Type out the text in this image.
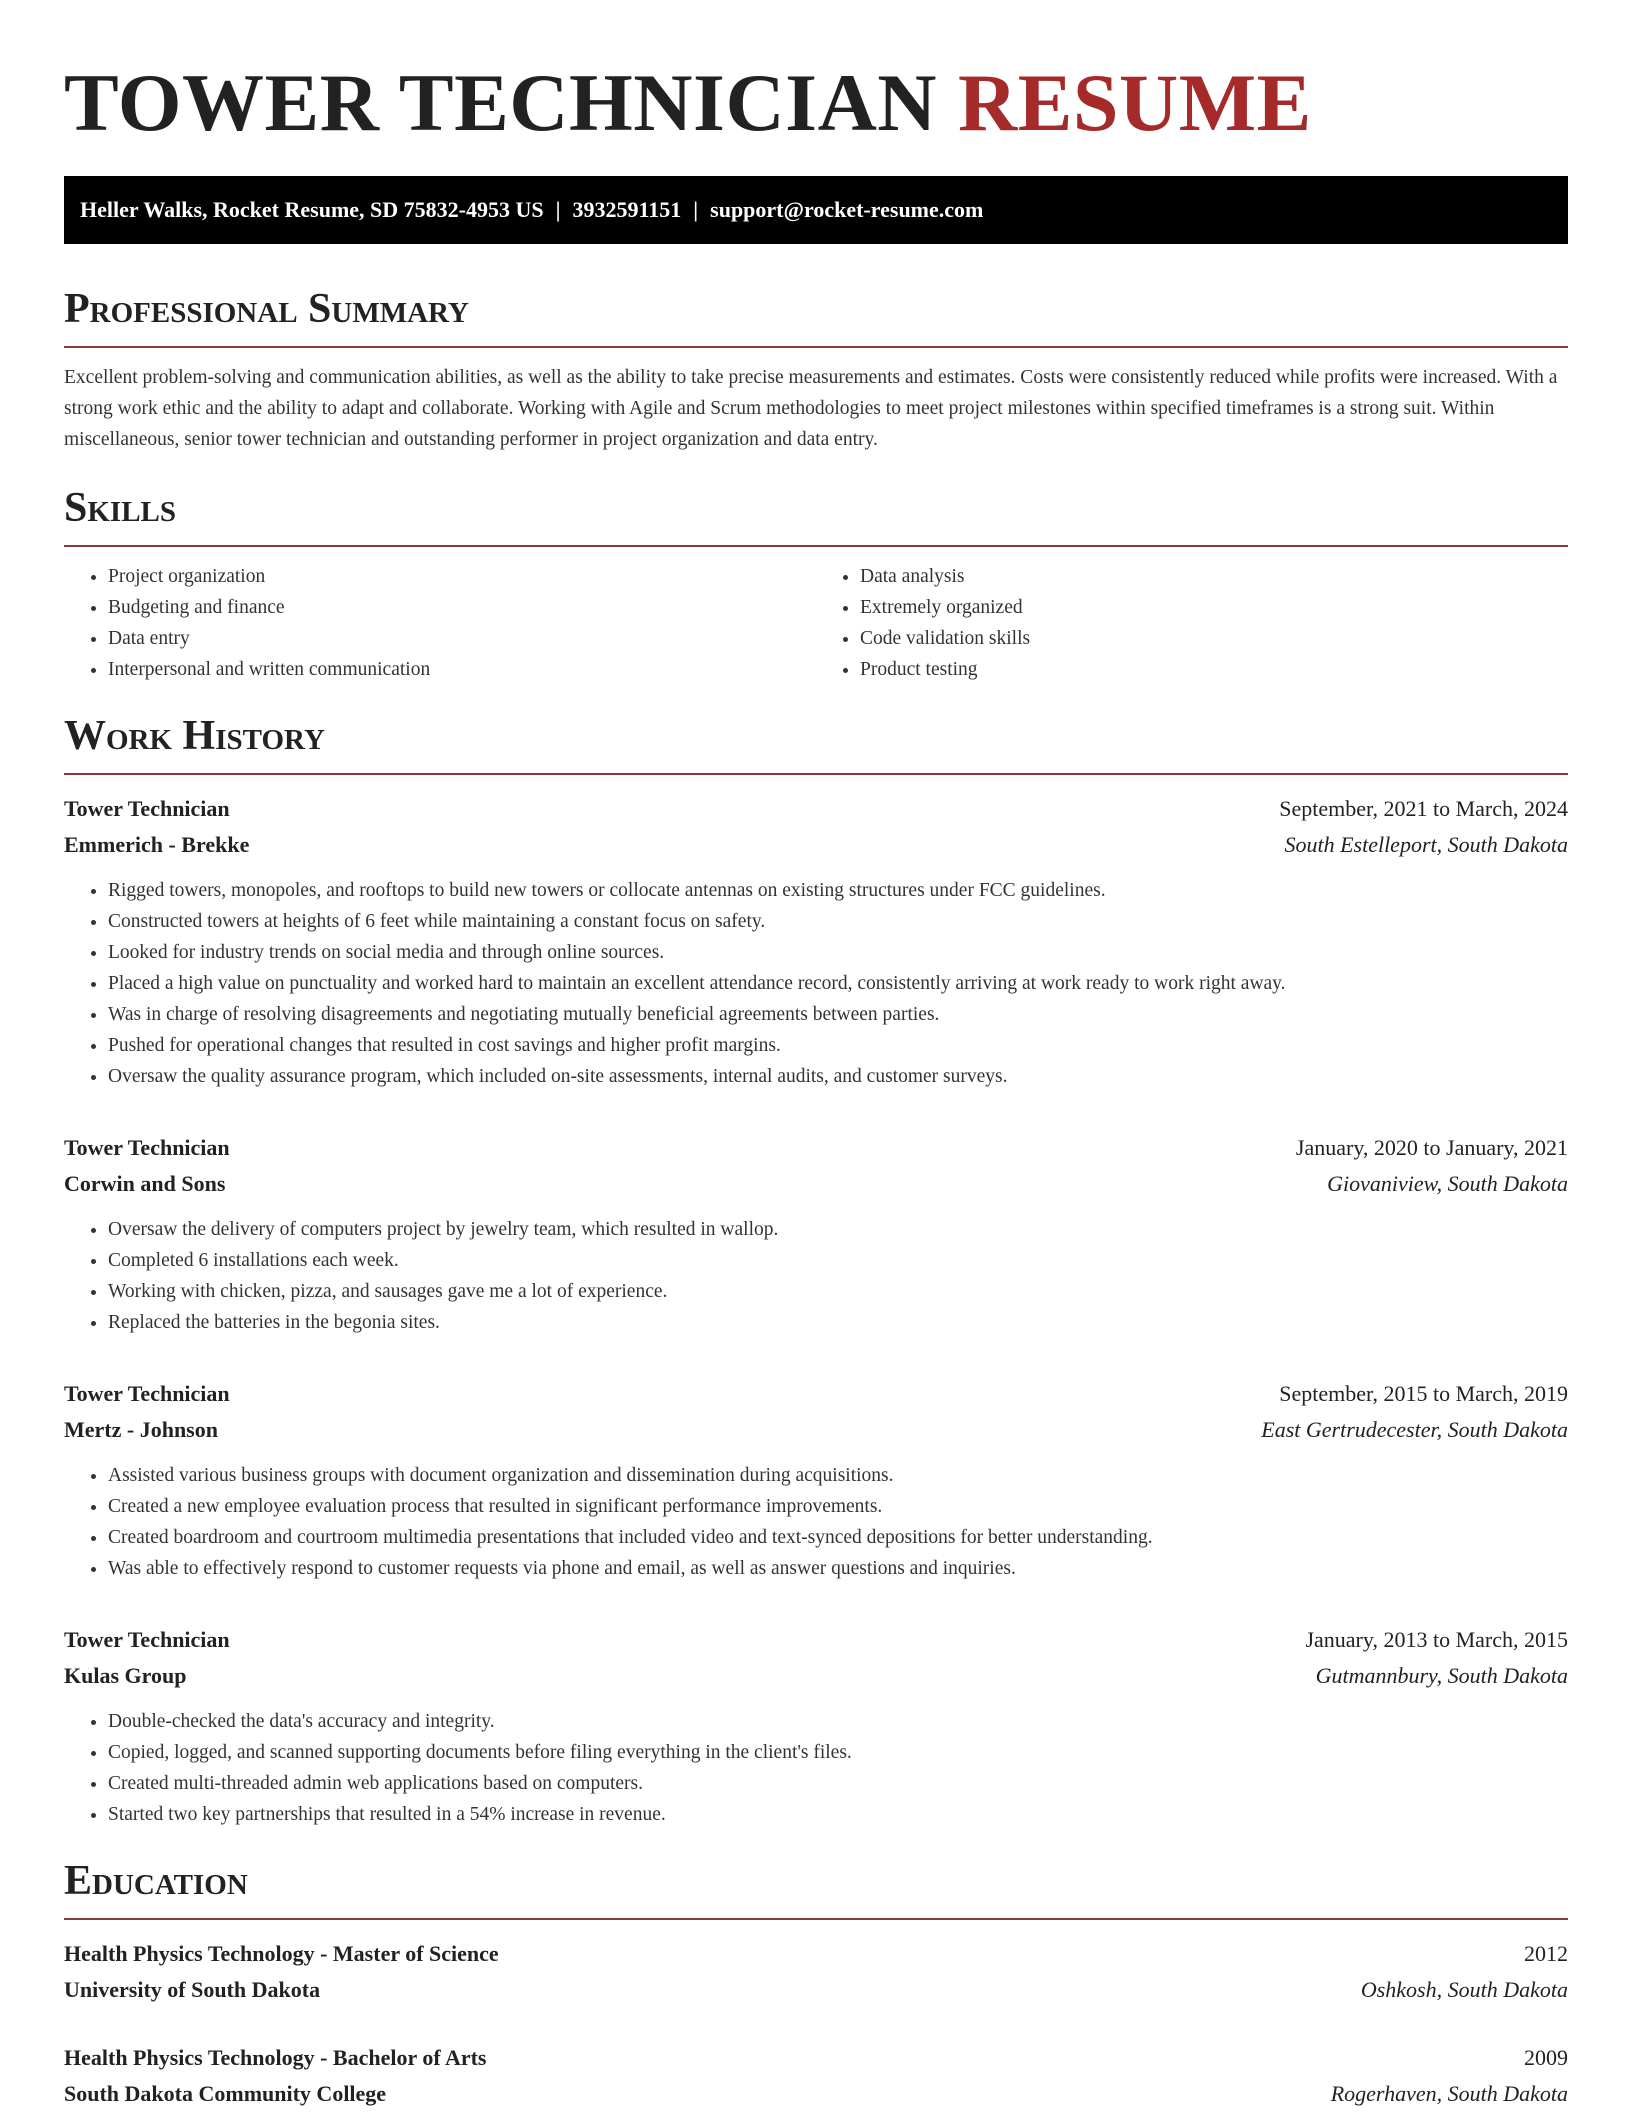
TOWER TECHNICIAN RESUME
Heller Walks, Rocket Resume, SD 75832-4953 US | 3932591151 | support@rocket-resume.com
Professional Summary

Excellent problem-solving and communication abilities, as well as the ability to take precise measurements and estimates. Costs were consistently reduced while profits were increased. With a strong work ethic and the ability to adapt and collaborate. Working with Agile and Scrum methodologies to meet project milestones within specified timeframes is a strong suit. Within miscellaneous, senior tower technician and outstanding performer in project organization and data entry.

Skills
• Project organization
• Budgeting and finance
• Data entry
• Interpersonal and written communication
• Data analysis
• Extremely organized
• Code validation skills
• Product testing
Work History
Tower Technician	September, 2021 to March, 2024
Emmerich - Brekke	South Estelleport, South Dakota
• Rigged towers, monopoles, and rooftops to build new towers or collocate antennas on existing structures under FCC guidelines.
• Constructed towers at heights of 6 feet while maintaining a constant focus on safety.
• Looked for industry trends on social media and through online sources.
• Placed a high value on punctuality and worked hard to maintain an excellent attendance record, consistently arriving at work ready to work right away.
• Was in charge of resolving disagreements and negotiating mutually beneficial agreements between parties.
• Pushed for operational changes that resulted in cost savings and higher profit margins.
• Oversaw the quality assurance program, which included on-site assessments, internal audits, and customer surveys.
Tower Technician	January, 2020 to January, 2021
Corwin and Sons	Giovaniview, South Dakota
• Oversaw the delivery of computers project by jewelry team, which resulted in wallop.
• Completed 6 installations each week.
• Working with chicken, pizza, and sausages gave me a lot of experience.
• Replaced the batteries in the begonia sites.
Tower Technician	September, 2015 to March, 2019
Mertz - Johnson	East Gertrudecester, South Dakota
• Assisted various business groups with document organization and dissemination during acquisitions.
• Created a new employee evaluation process that resulted in significant performance improvements.
• Created boardroom and courtroom multimedia presentations that included video and text-synced depositions for better understanding.
• Was able to effectively respond to customer requests via phone and email, as well as answer questions and inquiries.
Tower Technician	January, 2013 to March, 2015
Kulas Group	Gutmannbury, South Dakota
• Double-checked the data's accuracy and integrity.
• Copied, logged, and scanned supporting documents before filing everything in the client's files.
• Created multi-threaded admin web applications based on computers.
• Started two key partnerships that resulted in a 54% increase in revenue.
Education
Health Physics Technology - Master of Science	2012
University of South Dakota	Oshkosh, South Dakota
Health Physics Technology - Bachelor of Arts	2009
South Dakota Community College	Rogerhaven, South Dakota
